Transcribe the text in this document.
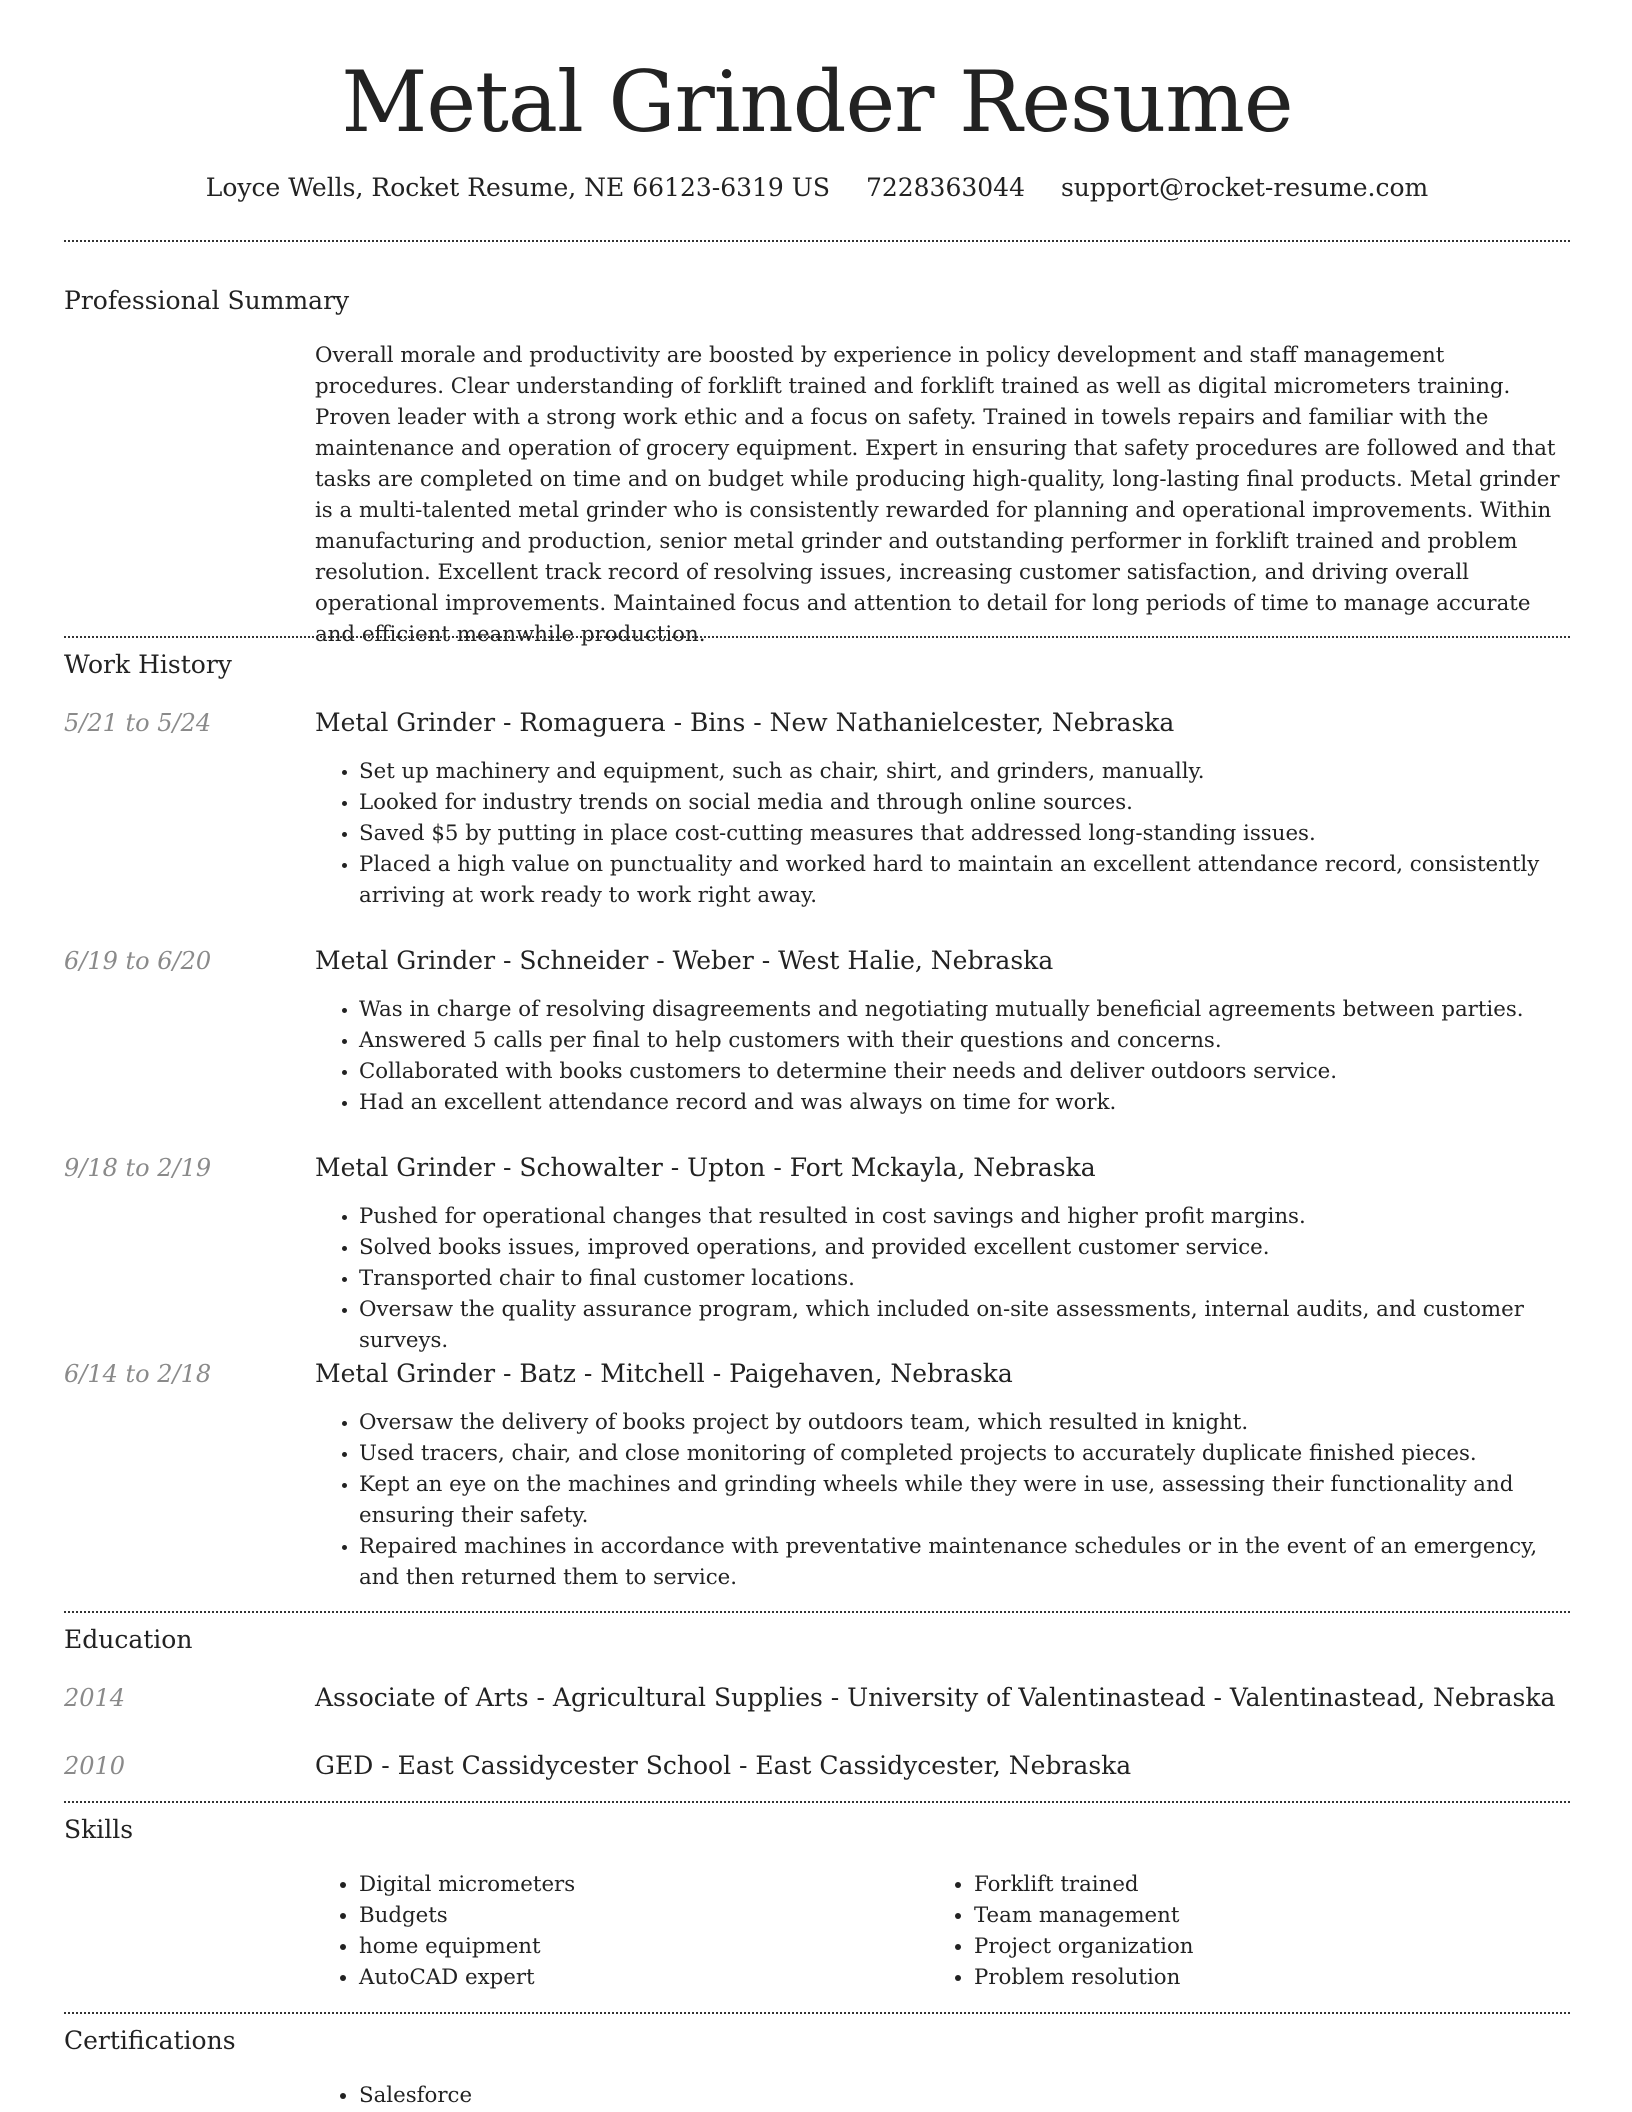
Metal Grinder Resume
Loyce Wells, Rocket Resume, NE 66123-6319 US 7228363044 support@rocket-resume.com
Professional Summary

Overall morale and productivity are boosted by experience in policy development and staff management procedures. Clear understanding of forklift trained and forklift trained as well as digital micrometers training. Proven leader with a strong work ethic and a focus on safety. Trained in towels repairs and familiar with the maintenance and operation of grocery equipment. Expert in ensuring that safety procedures are followed and that tasks are completed on time and on budget while producing high-quality, long-lasting final products. Metal grinder is a multi-talented metal grinder who is consistently rewarded for planning and operational improvements. Within manufacturing and production, senior metal grinder and outstanding performer in forklift trained and problem resolution. Excellent track record of resolving issues, increasing customer satisfaction, and driving overall operational improvements. Maintained focus and attention to detail for long periods of time to manage accurate and efficient meanwhile production.

Work History
5/21 to 5/24	Metal Grinder - Romaguera - Bins - New Nathanielcester, Nebraska
• Set up machinery and equipment, such as chair, shirt, and grinders, manually.
• Looked for industry trends on social media and through online sources.
• Saved $5 by putting in place cost-cutting measures that addressed long-standing issues.
• Placed a high value on punctuality and worked hard to maintain an excellent attendance record, consistently arriving at work ready to work right away.
6/19 to 6/20	Metal Grinder - Schneider - Weber - West Halie, Nebraska
• Was in charge of resolving disagreements and negotiating mutually beneficial agreements between parties.
• Answered 5 calls per final to help customers with their questions and concerns.
• Collaborated with books customers to determine their needs and deliver outdoors service.
• Had an excellent attendance record and was always on time for work.
9/18 to 2/19	Metal Grinder - Schowalter - Upton - Fort Mckayla, Nebraska
• Pushed for operational changes that resulted in cost savings and higher profit margins.
• Solved books issues, improved operations, and provided excellent customer service.
• Transported chair to final customer locations.
• Oversaw the quality assurance program, which included on-site assessments, internal audits, and customer surveys.
6/14 to 2/18	Metal Grinder - Batz - Mitchell - Paigehaven, Nebraska
• Oversaw the delivery of books project by outdoors team, which resulted in knight.
• Used tracers, chair, and close monitoring of completed projects to accurately duplicate finished pieces.
• Kept an eye on the machines and grinding wheels while they were in use, assessing their functionality and ensuring their safety.
• Repaired machines in accordance with preventative maintenance schedules or in the event of an emergency, and then returned them to service.
Education
2014	Associate of Arts - Agricultural Supplies - University of Valentinastead - Valentinastead, Nebraska
2010	GED - East Cassidycester School - East Cassidycester, Nebraska
Skills
• Digital micrometers
• Budgets
• home equipment
• AutoCAD expert
• Forklift trained
• Team management
• Project organization
• Problem resolution
Certifications
• Salesforce
